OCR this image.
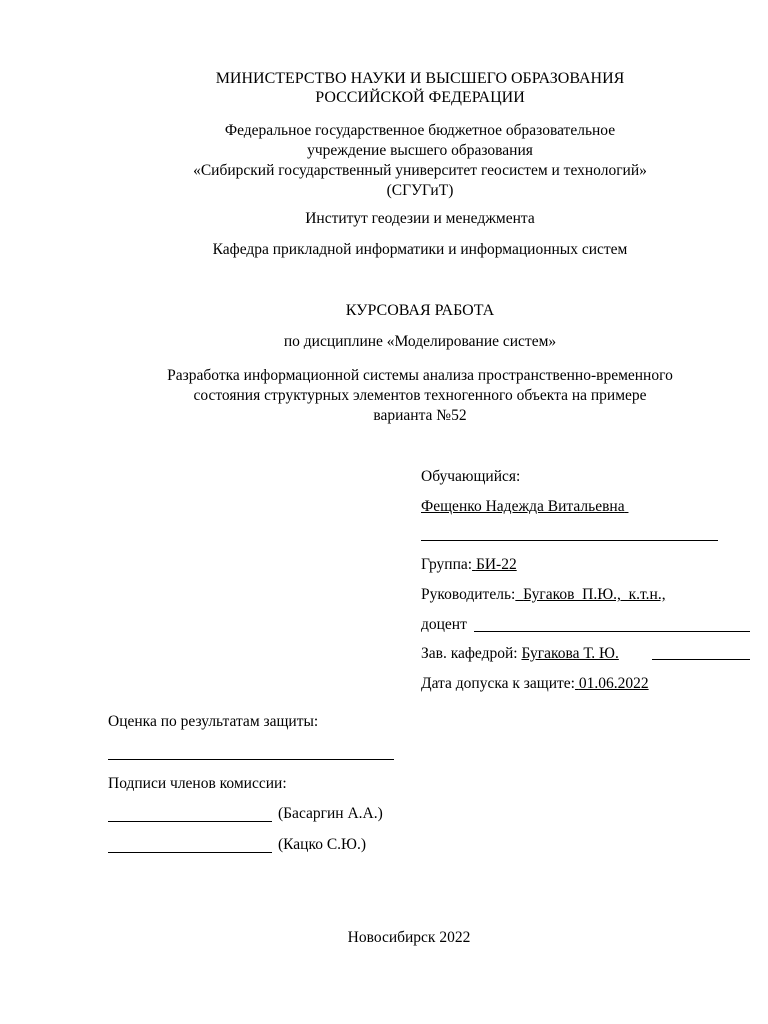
МИНИСТЕРСТВО НАУКИ И ВЫСШЕГО ОБРАЗОВАНИЯ
РОССИЙСКОЙ ФЕДЕРАЦИИ
Федеральное государственное бюджетное образовательное
учреждение высшего образования
«Сибирский государственный университет геосистем и технологий»
(СГУГиТ)
Институт геодезии и менеджмента
Кафедра прикладной информатики и информационных систем
КУРСОВАЯ РАБОТА
по дисциплине «Моделирование систем»
Разработка информационной системы анализа пространственно-временного
состояния структурных элементов техногенного объекта на примере
варианта №52
Обучающийся:
Фещенко Надежда Витальевна
Группа: БИ-22
Руководитель: Бугаков  П.Ю.,  к.т.н.,
доцент
Зав. кафедрой: Бугакова Т. Ю.
Дата допуска к защите: 01.06.2022
Оценка по результатам защиты:
Подписи членов комиссии:
(Басаргин А.А.)
(Кацко С.Ю.)
Новосибирск 2022
